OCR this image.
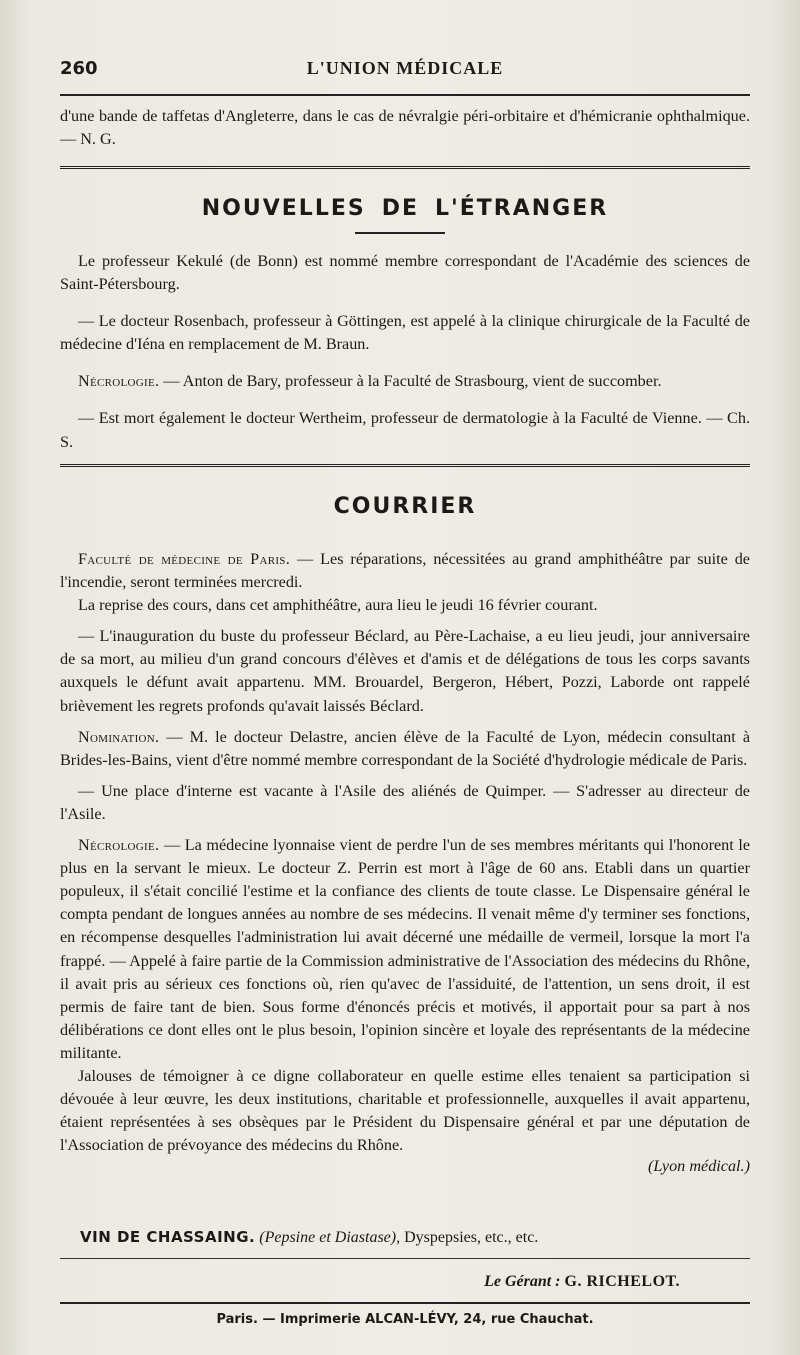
260	L'UNION MÉDICALE

d'une bande de taffetas d'Angleterre, dans le cas de névralgie péri-orbitaire et d'hémicranie ophthalmique. — N. G.

NOUVELLES DE L'ÉTRANGER

Le professeur Kekulé (de Bonn) est nommé membre correspondant de l'Académie des sciences de Saint-Pétersbourg.

— Le docteur Rosenbach, professeur à Göttingen, est appelé à la clinique chirurgicale de la Faculté de médecine d'Iéna en remplacement de M. Braun.

Nécrologie. — Anton de Bary, professeur à la Faculté de Strasbourg, vient de succomber.

— Est mort également le docteur Wertheim, professeur de dermatologie à la Faculté de Vienne. — Ch. S.

COURRIER

Faculté de médecine de Paris. — Les réparations, nécessitées au grand amphithéâtre par suite de l'incendie, seront terminées mercredi.

La reprise des cours, dans cet amphithéâtre, aura lieu le jeudi 16 février courant.

— L'inauguration du buste du professeur Béclard, au Père-Lachaise, a eu lieu jeudi, jour anniversaire de sa mort, au milieu d'un grand concours d'élèves et d'amis et de délégations de tous les corps savants auxquels le défunt avait appartenu. MM. Brouardel, Bergeron, Hébert, Pozzi, Laborde ont rappelé brièvement les regrets profonds qu'avait laissés Béclard.

Nomination. — M. le docteur Delastre, ancien élève de la Faculté de Lyon, médecin consultant à Brides-les-Bains, vient d'être nommé membre correspondant de la Société d'hydrologie médicale de Paris.

— Une place d'interne est vacante à l'Asile des aliénés de Quimper. — S'adresser au directeur de l'Asile.

Nécrologie. — La médecine lyonnaise vient de perdre l'un de ses membres méritants qui l'honorent le plus en la servant le mieux. Le docteur Z. Perrin est mort à l'âge de 60 ans. Etabli dans un quartier populeux, il s'était concilié l'estime et la confiance des clients de toute classe. Le Dispensaire général le compta pendant de longues années au nombre de ses médecins. Il venait même d'y terminer ses fonctions, en récompense desquelles l'administration lui avait décerné une médaille de vermeil, lorsque la mort l'a frappé. — Appelé à faire partie de la Commission administrative de l'Association des médecins du Rhône, il avait pris au sérieux ces fonctions où, rien qu'avec de l'assiduité, de l'attention, un sens droit, il est permis de faire tant de bien. Sous forme d'énoncés précis et motivés, il apportait pour sa part à nos délibérations ce dont elles ont le plus besoin, l'opinion sincère et loyale des représentants de la médecine militante.

Jalouses de témoigner à ce digne collaborateur en quelle estime elles tenaient sa participation si dévouée à leur œuvre, les deux institutions, charitable et professionnelle, auxquelles il avait appartenu, étaient représentées à ses obsèques par le Président du Dispensaire général et par une députation de l'Association de prévoyance des médecins du Rhône.

(Lyon médical.)

VIN DE CHASSAING. (Pepsine et Diastase), Dyspepsies, etc., etc.
Le Gérant : G. RICHELOT.
Paris. — Imprimerie ALCAN-LÉVY, 24, rue Chauchat.
